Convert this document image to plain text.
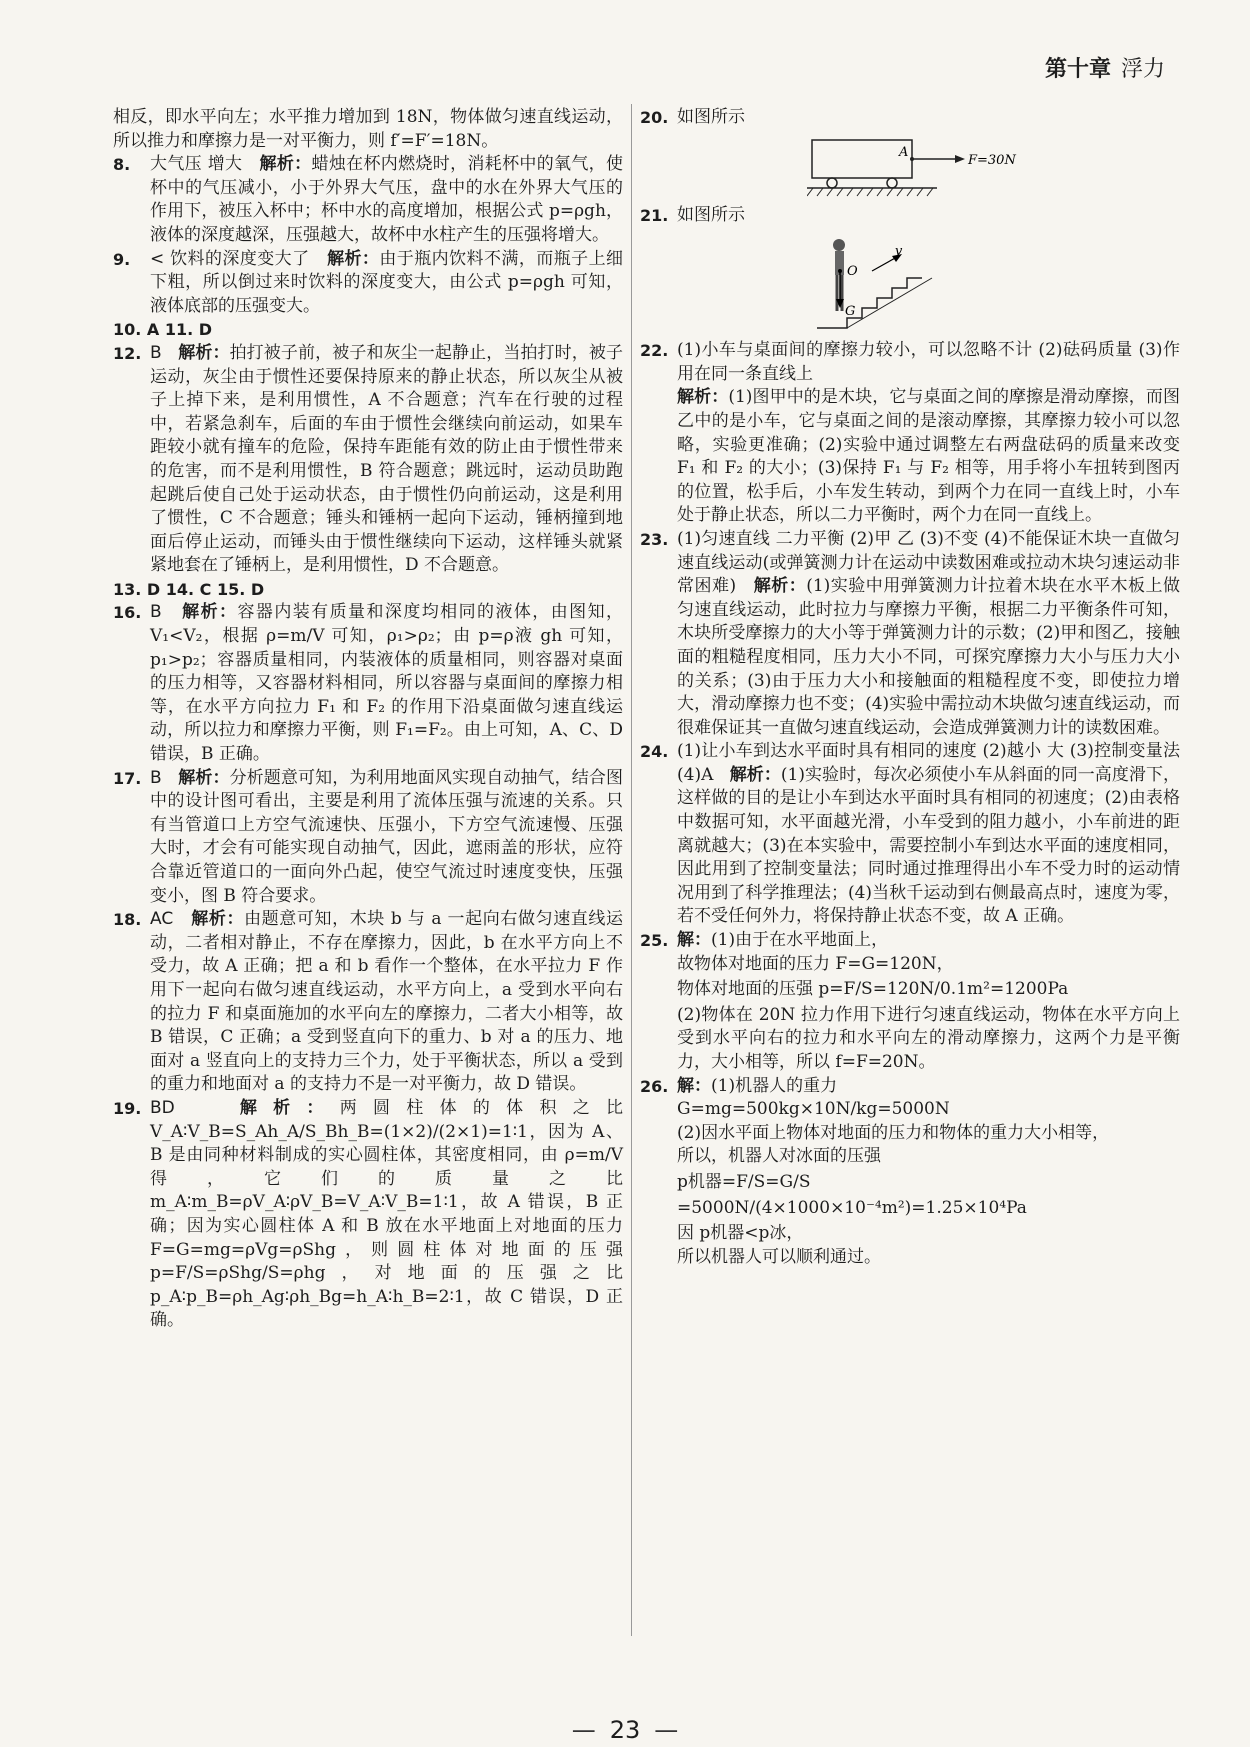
第十章 浮力

相反，即水平向左；水平推力增加到 18N，物体做匀速直线运动，所以推力和摩擦力是一对平衡力，则 f′=F′=18N。

8. 大气压 增大 解析：蜡烛在杯内燃烧时，消耗杯中的氧气，使杯中的气压减小，小于外界大气压，盘中的水在外界大气压的作用下，被压入杯中；杯中水的高度增加，根据公式 p=ρgh，液体的深度越深，压强越大，故杯中水柱产生的压强将增大。
9. < 饮料的深度变大了 解析：由于瓶内饮料不满，而瓶子上细下粗，所以倒过来时饮料的深度变大，由公式 p=ρgh 可知，液体底部的压强变大。

10. A 11. D

12. B 解析：拍打被子前，被子和灰尘一起静止，当拍打时，被子运动，灰尘由于惯性还要保持原来的静止状态，所以灰尘从被子上掉下来，是利用惯性，A 不合题意；汽车在行驶的过程中，若紧急刹车，后面的车由于惯性会继续向前运动，如果车距较小就有撞车的危险，保持车距能有效的防止由于惯性带来的危害，而不是利用惯性，B 符合题意；跳远时，运动员助跑起跳后使自己处于运动状态，由于惯性仍向前运动，这是利用了惯性，C 不合题意；锤头和锤柄一起向下运动，锤柄撞到地面后停止运动，而锤头由于惯性继续向下运动，这样锤头就紧紧地套在了锤柄上，是利用惯性，D 不合题意。

13. D 14. C 15. D

16. B 解析：容器内装有质量和深度均相同的液体，由图知，V₁<V₂，根据 ρ=m/V 可知，ρ₁>ρ₂；由 p=ρ液 gh 可知，p₁>p₂；容器质量相同，内装液体的质量相同，则容器对桌面的压力相等，又容器材料相同，所以容器与桌面间的摩擦力相等，在水平方向拉力 F₁ 和 F₂ 的作用下沿桌面做匀速直线运动，所以拉力和摩擦力平衡，则 F₁=F₂。由上可知，A、C、D 错误，B 正确。
17. B 解析：分析题意可知，为利用地面风实现自动抽气，结合图中的设计图可看出，主要是利用了流体压强与流速的关系。只有当管道口上方空气流速快、压强小，下方空气流速慢、压强大时，才会有可能实现自动抽气，因此，遮雨盖的形状，应符合靠近管道口的一面向外凸起，使空气流过时速度变快，压强变小，图 B 符合要求。
18. AC 解析：由题意可知，木块 b 与 a 一起向右做匀速直线运动，二者相对静止，不存在摩擦力，因此，b 在水平方向上不受力，故 A 正确；把 a 和 b 看作一个整体，在水平拉力 F 作用下一起向右做匀速直线运动，水平方向上，a 受到水平向右的拉力 F 和桌面施加的水平向左的摩擦力，二者大小相等，故 B 错误，C 正确；a 受到竖直向下的重力、b 对 a 的压力、地面对 a 竖直向上的支持力三个力，处于平衡状态，所以 a 受到的重力和地面对 a 的支持力不是一对平衡力，故 D 错误。
19. BD	解析：两圆柱体的体积之比 V_A∶V_B=S_Ah_A/S_Bh_B=(1×2)/(2×1)=1∶1，因为 A、B 是由同种材料制成的实心圆柱体，其密度相同，由 ρ=m/V 得，它们的质量之比 m_A∶m_B=ρV_A∶ρV_B=V_A∶V_B=1∶1，故 A 错误，B 正确；因为实心圆柱体 A 和 B 放在水平地面上对地面的压力 F=G=mg=ρVg=ρShg，则圆柱体对地面的压强 p=F/S=ρShg/S=ρhg，对地面的压强之比 p_A∶p_B=ρh_Ag∶ρh_Bg=h_A∶h_B=2∶1，故 C 错误，D 正确。
20. 如图所示
A
F=30N
21. 如图所示
O
v
G
22. (1)小车与桌面间的摩擦力较小，可以忽略不计 (2)砝码质量 (3)作用在同一条直线上
解析：(1)图甲中的是木块，它与桌面之间的摩擦是滑动摩擦，而图乙中的是小车，它与桌面之间的是滚动摩擦，其摩擦力较小可以忽略，实验更准确；(2)实验中通过调整左右两盘砝码的质量来改变 F₁ 和 F₂ 的大小；(3)保持 F₁ 与 F₂ 相等，用手将小车扭转到图丙的位置，松手后，小车发生转动，到两个力在同一直线上时，小车处于静止状态，所以二力平衡时，两个力在同一直线上。
23. (1)匀速直线 二力平衡 (2)甲 乙 (3)不变 (4)不能保证木块一直做匀速直线运动(或弹簧测力计在运动中读数困难或拉动木块匀速运动非常困难) 解析：(1)实验中用弹簧测力计拉着木块在水平木板上做匀速直线运动，此时拉力与摩擦力平衡，根据二力平衡条件可知，木块所受摩擦力的大小等于弹簧测力计的示数；(2)甲和图乙，接触面的粗糙程度相同，压力大小不同，可探究摩擦力大小与压力大小的关系；(3)由于压力大小和接触面的粗糙程度不变，即使拉力增大，滑动摩擦力也不变；(4)实验中需拉动木块做匀速直线运动，而很难保证其一直做匀速直线运动，会造成弹簧测力计的读数困难。
24. (1)让小车到达水平面时具有相同的速度 (2)越小 大 (3)控制变量法 (4)A 解析：(1)实验时，每次必须使小车从斜面的同一高度滑下，这样做的目的是让小车到达水平面时具有相同的初速度；(2)由表格中数据可知，水平面越光滑，小车受到的阻力越小，小车前进的距离就越大；(3)在本实验中，需要控制小车到达水平面的速度相同，因此用到了控制变量法；同时通过推理得出小车不受力时的运动情况用到了科学推理法；(4)当秋千运动到右侧最高点时，速度为零，若不受任何外力，将保持静止状态不变，故 A 正确。
25. 解：(1)由于在水平地面上，

故物体对地面的压力 F=G=120N，

物体对地面的压强 p=F/S=120N/0.1m²=1200Pa

(2)物体在 20N 拉力作用下进行匀速直线运动，物体在水平方向上受到水平向右的拉力和水平向左的滑动摩擦力，这两个力是平衡力，大小相等，所以 f=F=20N。

26. 解：(1)机器人的重力

G=mg=500kg×10N/kg=5000N

(2)因水平面上物体对地面的压力和物体的重力大小相等，

所以，机器人对冰面的压强

p机器=F/S=G/S

=5000N/(4×1000×10⁻⁴m²)=1.25×10⁴Pa

因 p机器<p冰，

所以机器人可以顺利通过。

— 23 —
